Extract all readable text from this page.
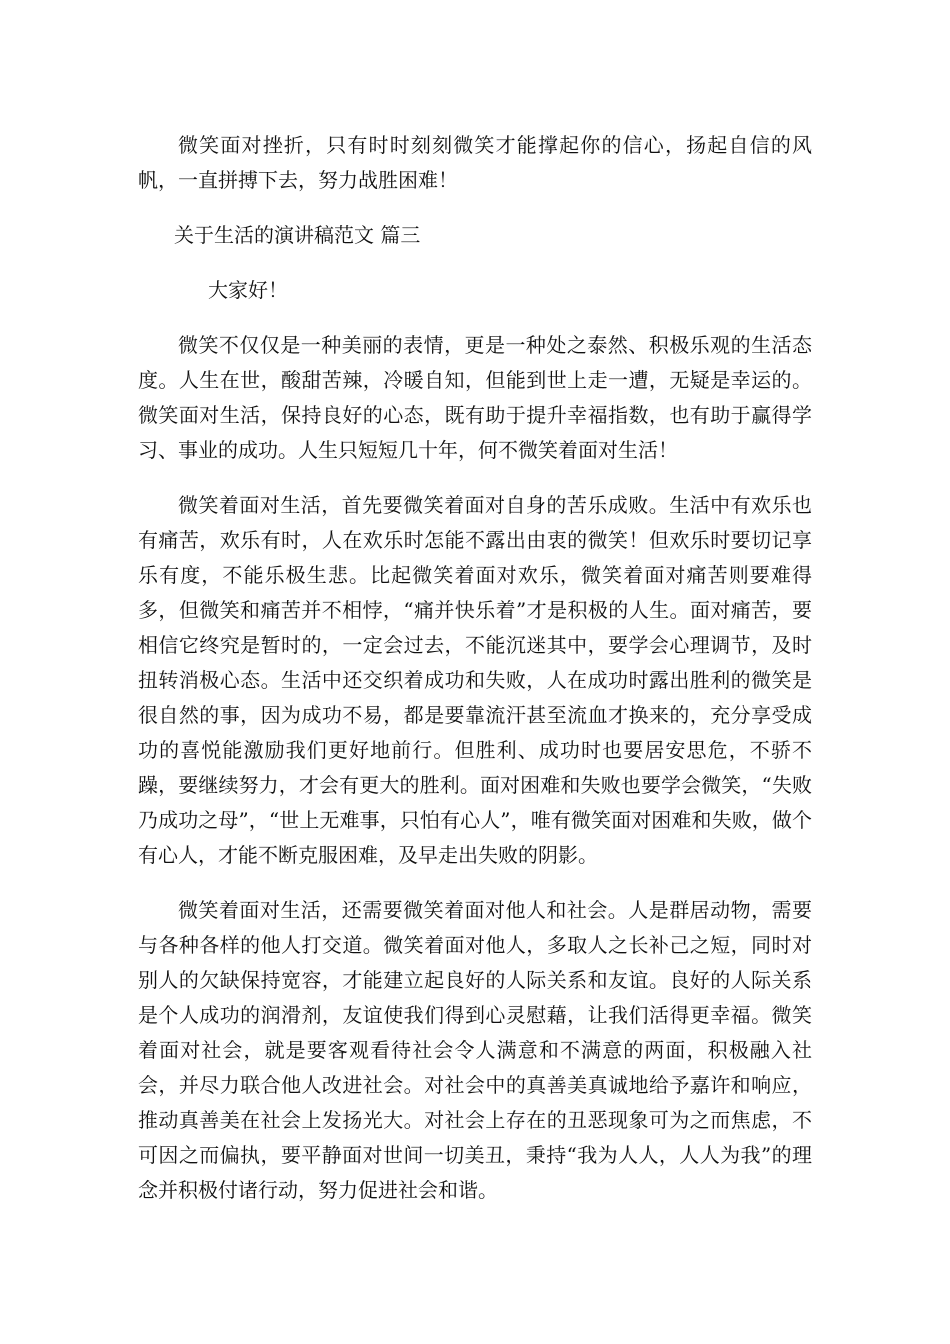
微笑面对挫折，只有时时刻刻微笑才能撑起你的信心，扬起自信的风帆，一直拼搏下去，努力战胜困难！

关于生活的演讲稿范文 篇三

大家好！

微笑不仅仅是一种美丽的表情，更是一种处之泰然、积极乐观的生活态度。人生在世，酸甜苦辣，冷暖自知，但能到世上走一遭，无疑是幸运的。微笑面对生活，保持良好的心态，既有助于提升幸福指数，也有助于赢得学习、事业的成功。人生只短短几十年，何不微笑着面对生活！

微笑着面对生活，首先要微笑着面对自身的苦乐成败。生活中有欢乐也有痛苦，欢乐有时，人在欢乐时怎能不露出由衷的微笑！但欢乐时要切记享乐有度，不能乐极生悲。比起微笑着面对欢乐，微笑着面对痛苦则要难得多，但微笑和痛苦并不相悖，“痛并快乐着”才是积极的人生。面对痛苦，要相信它终究是暂时的，一定会过去，不能沉迷其中，要学会心理调节，及时扭转消极心态。生活中还交织着成功和失败，人在成功时露出胜利的微笑是很自然的事，因为成功不易，都是要靠流汗甚至流血才换来的，充分享受成功的喜悦能激励我们更好地前行。但胜利、成功时也要居安思危，不骄不躁，要继续努力，才会有更大的胜利。面对困难和失败也要学会微笑，“失败乃成功之母”，“世上无难事，只怕有心人”，唯有微笑面对困难和失败，做个有心人，才能不断克服困难，及早走出失败的阴影。

微笑着面对生活，还需要微笑着面对他人和社会。人是群居动物，需要与各种各样的他人打交道。微笑着面对他人，多取人之长补己之短，同时对别人的欠缺保持宽容，才能建立起良好的人际关系和友谊。良好的人际关系是个人成功的润滑剂，友谊使我们得到心灵慰藉，让我们活得更幸福。微笑着面对社会，就是要客观看待社会令人满意和不满意的两面，积极融入社会，并尽力联合他人改进社会。对社会中的真善美真诚地给予嘉许和响应，推动真善美在社会上发扬光大。对社会上存在的丑恶现象可为之而焦虑，不可因之而偏执，要平静面对世间一切美丑，秉持“我为人人，人人为我”的理念并积极付诸行动，努力促进社会和谐。
